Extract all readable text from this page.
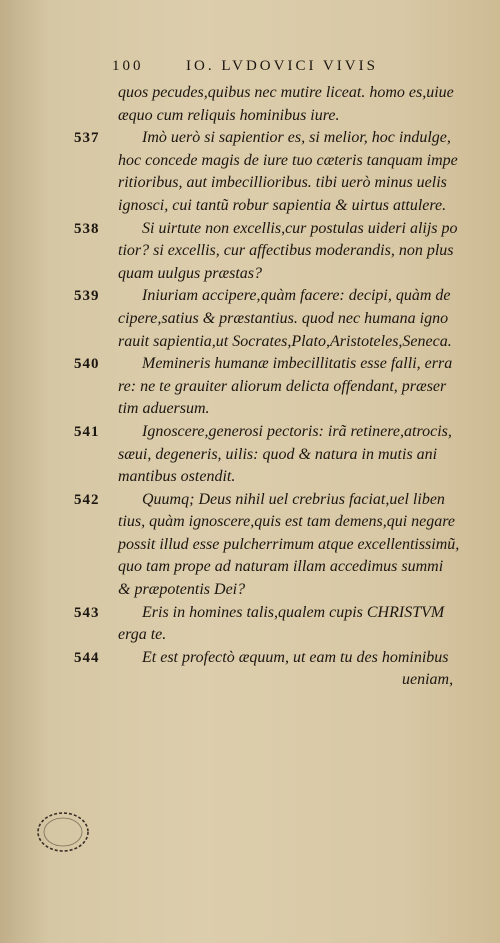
100	IO. LVDOVICI VIVIS
quos pecudes,quibus nec mutire liceat. homo es,uiue
æquo cum reliquis hominibus iure.
537	Imò uerò si sapientior es, si melior, hoc indulge,
hoc concede magis de iure tuo cæteris tanquam impe
ritioribus, aut imbecillioribus. tibi uerò minus uelis
ignosci, cui tantũ robur sapientia & uirtus attulere.
538	Si uirtute non excellis,cur postulas uideri alijs po
tior? si excellis, cur affectibus moderandis, non plus
quam uulgus præstas?
539	Iniuriam accipere,quàm facere: decipi, quàm de
cipere,satius & præstantius. quod nec humana igno
rauit sapientia,ut Socrates,Plato,Aristoteles,Seneca.
540	Memineris humanæ imbecillitatis esse falli, erra
re: ne te grauiter aliorum delicta offendant, præser
tim aduersum.
541	Ignoscere,generosi pectoris: irã retinere,atrocis,
sæui, degeneris, uilis: quod & natura in mutis ani
mantibus ostendit.
542	Quumq; Deus nihil uel crebrius faciat,uel liben
tius, quàm ignoscere,quis est tam demens,qui negare
possit illud esse pulcherrimum atque excellentissimũ,
quo tam prope ad naturam illam accedimus summi
& præpotentis Dei?
543	Eris in homines talis,qualem cupis CHRISTVM
erga te.
544	Et est profectò æquum, ut eam tu des hominibus
ueniam,
